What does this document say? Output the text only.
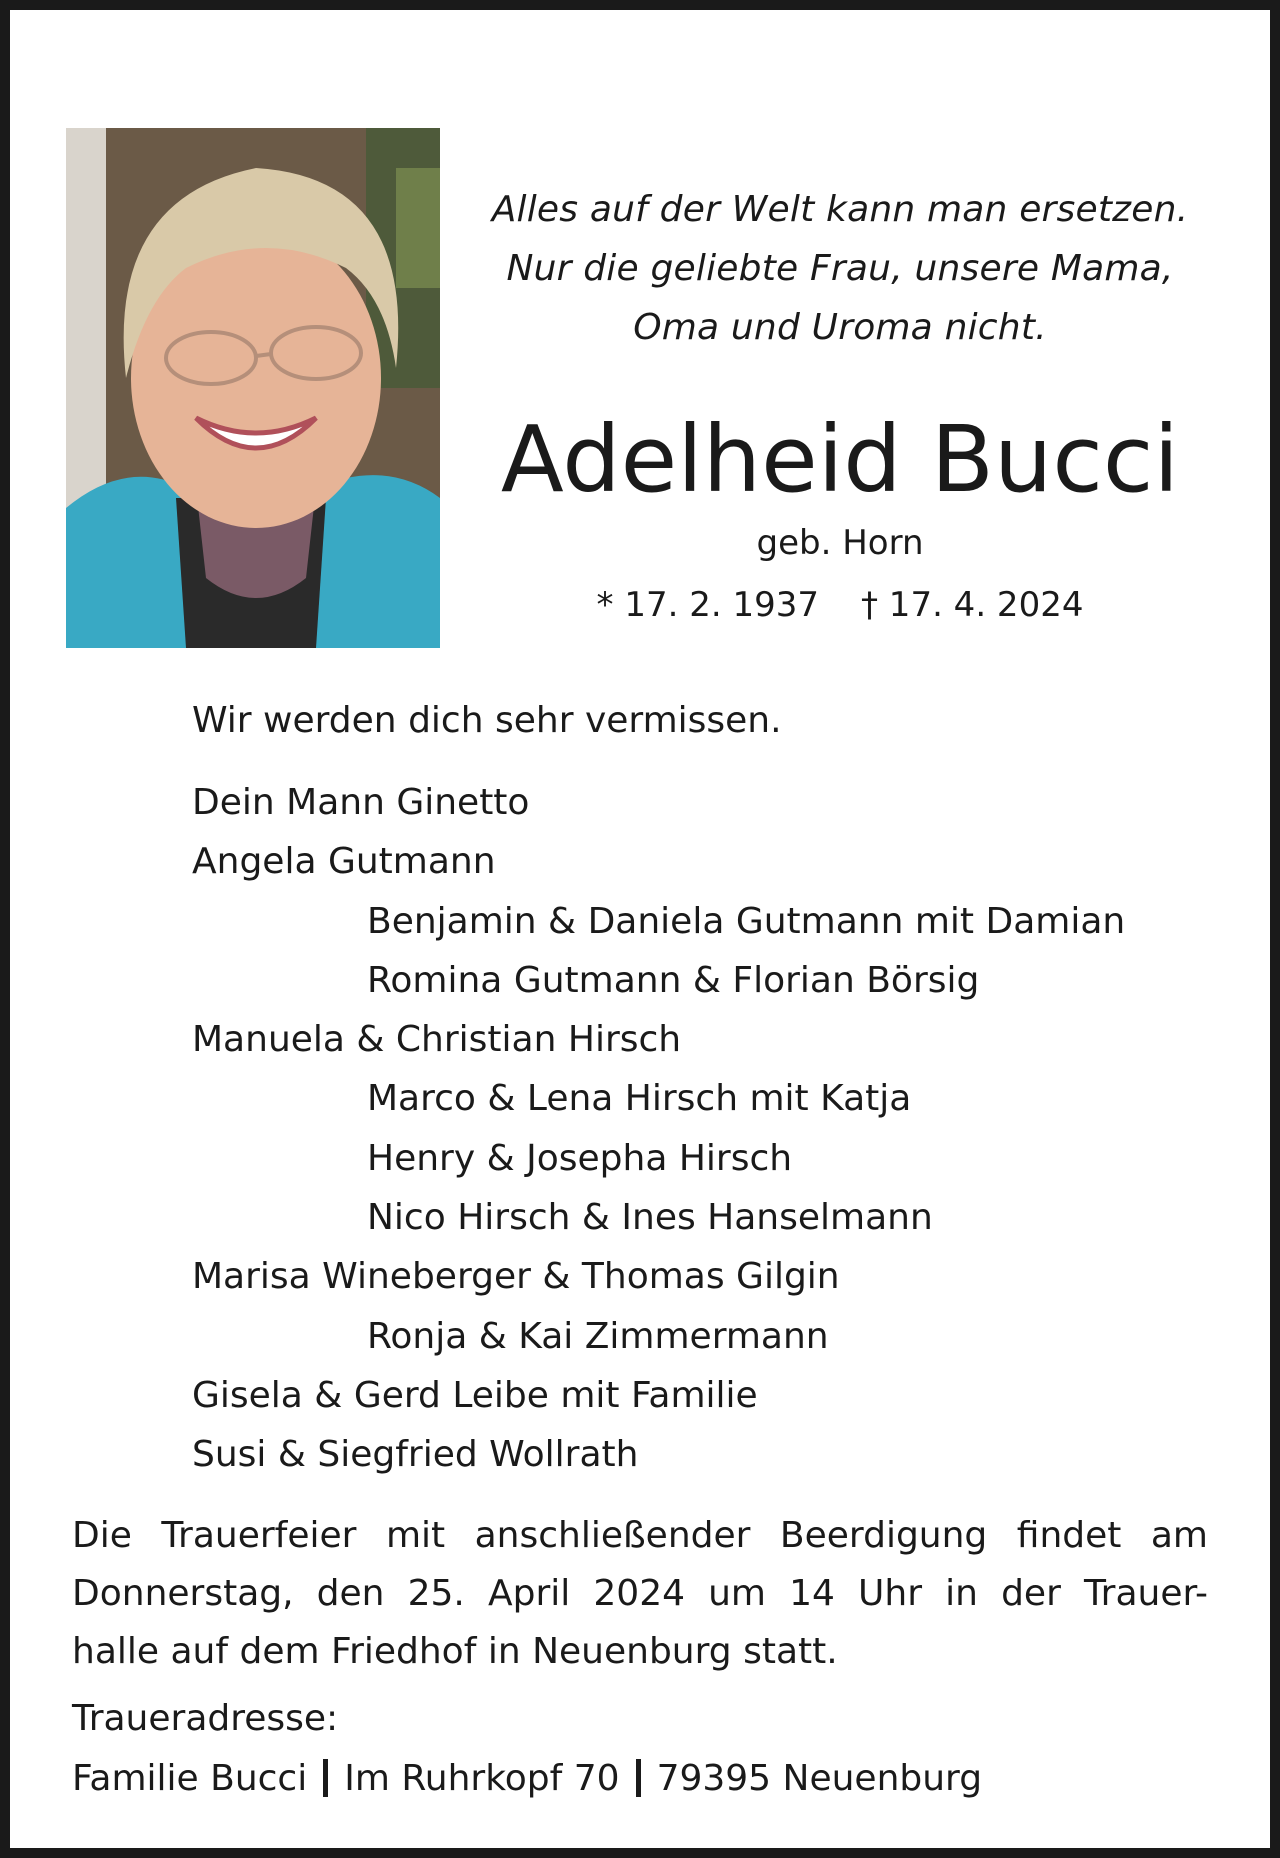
Alles auf der Welt kann man ersetzen.
Nur die geliebte Frau, unsere Mama,
Oma und Uroma nicht.
Adelheid Bucci
geb. Horn
* 17. 2. 1937 † 17. 4. 2024
Wir werden dich sehr vermissen.
Dein Mann Ginetto
Angela Gutmann
Benjamin & Daniela Gutmann mit Damian
Romina Gutmann & Florian Börsig
Manuela & Christian Hirsch
Marco & Lena Hirsch mit Katja
Henry & Josepha Hirsch
Nico Hirsch & Ines Hanselmann
Marisa Wineberger & Thomas Gilgin
Ronja & Kai Zimmermann
Gisela & Gerd Leibe mit Familie
Susi & Siegfried Wollrath
Die Trauerfeier mit anschließender Beerdigung findet am
Donnerstag, den 25. April 2024 um 14 Uhr in der Trauer-
halle auf dem Friedhof in Neuenburg statt.
Traueradresse:
Familie Bucci Im Ruhrkopf 70 79395 Neuenburg
